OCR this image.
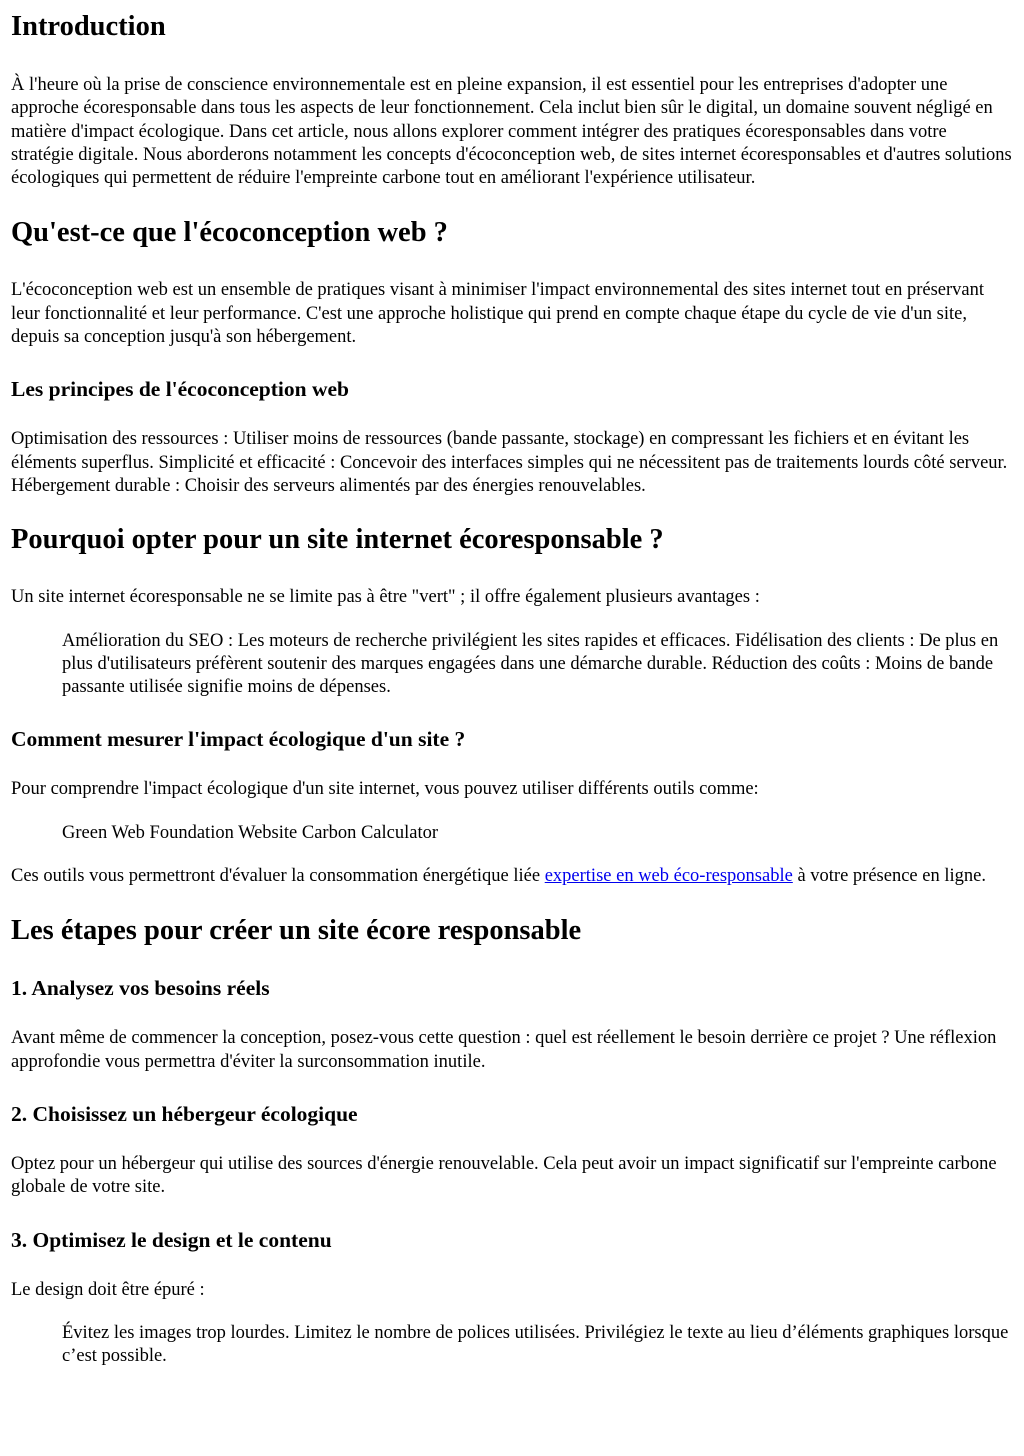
Introduction

À l'heure où la prise de conscience environnementale est en pleine expansion, il est essentiel pour les entreprises d'adopter une approche écoresponsable dans tous les aspects de leur fonctionnement. Cela inclut bien sûr le digital, un domaine souvent négligé en matière d'impact écologique. Dans cet article, nous allons explorer comment intégrer des pratiques écoresponsables dans votre stratégie digitale. Nous aborderons notamment les concepts d'écoconception web, de sites internet écoresponsables et d'autres solutions écologiques qui permettent de réduire l'empreinte carbone tout en améliorant l'expérience utilisateur.

Qu'est-ce que l'écoconception web ?

L'écoconception web est un ensemble de pratiques visant à minimiser l'impact environnemental des sites internet tout en préservant leur fonctionnalité et leur performance. C'est une approche holistique qui prend en compte chaque étape du cycle de vie d'un site, depuis sa conception jusqu'à son hébergement.

Les principes de l'écoconception web

Optimisation des ressources : Utiliser moins de ressources (bande passante, stockage) en compressant les fichiers et en évitant les éléments superflus. Simplicité et efficacité : Concevoir des interfaces simples qui ne nécessitent pas de traitements lourds côté serveur. Hébergement durable : Choisir des serveurs alimentés par des énergies renouvelables.

Pourquoi opter pour un site internet écoresponsable ?

Un site internet écoresponsable ne se limite pas à être "vert" ; il offre également plusieurs avantages :

Amélioration du SEO : Les moteurs de recherche privilégient les sites rapides et efficaces. Fidélisation des clients : De plus en plus d'utilisateurs préfèrent soutenir des marques engagées dans une démarche durable. Réduction des coûts : Moins de bande passante utilisée signifie moins de dépenses.
Comment mesurer l'impact écologique d'un site ?

Pour comprendre l'impact écologique d'un site internet, vous pouvez utiliser différents outils comme:

Green Web Foundation Website Carbon Calculator

Ces outils vous permettront d'évaluer la consommation énergétique liée expertise en web éco-responsable à votre présence en ligne.

Les étapes pour créer un site écore responsable
1. Analysez vos besoins réels

Avant même de commencer la conception, posez-vous cette question : quel est réellement le besoin derrière ce projet ? Une réflexion approfondie vous permettra d'éviter la surconsommation inutile.

2. Choisissez un hébergeur écologique

Optez pour un hébergeur qui utilise des sources d'énergie renouvelable. Cela peut avoir un impact significatif sur l'empreinte carbone globale de votre site.

3. Optimisez le design et le contenu

Le design doit être épuré :

Évitez les images trop lourdes. Limitez le nombre de polices utilisées. Privilégiez le texte au lieu d’éléments graphiques lorsque c’est possible.
